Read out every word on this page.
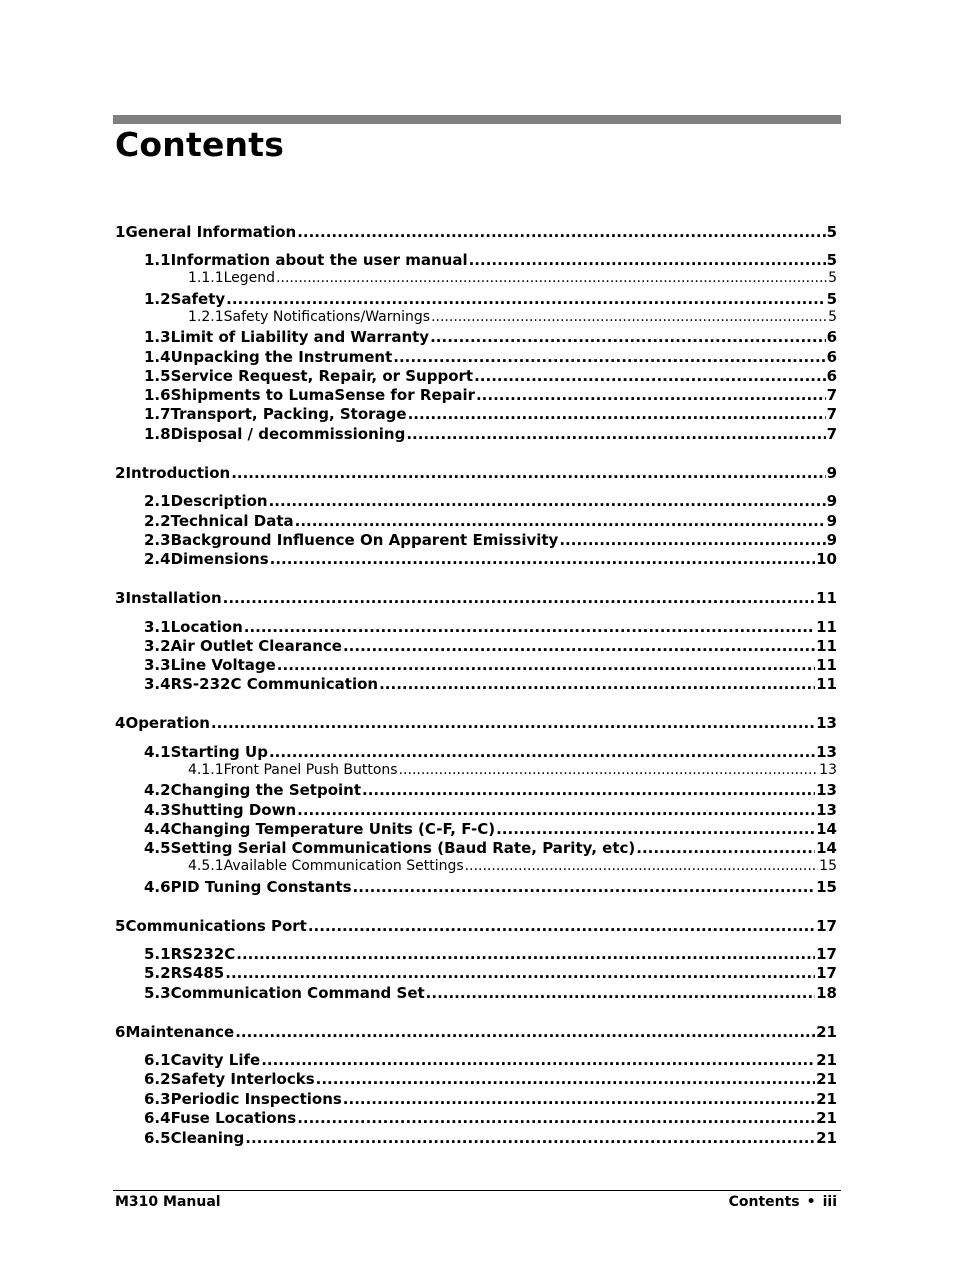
Contents
1 General Information .....	5
1.1 Information about the user manual .....	5
1.1.1 Legend .....	5
1.2 Safety .....	5
1.2.1 Safety Notifications/Warnings .....	5
1.3 Limit of Liability and Warranty .....	6
1.4 Unpacking the Instrument .....	6
1.5 Service Request, Repair, or Support .....	6
1.6 Shipments to LumaSense for Repair .....	7
1.7 Transport, Packing, Storage .....	7
1.8 Disposal / decommissioning .....	7
2 Introduction .....	9
2.1 Description .....	9
2.2 Technical Data .....	9
2.3 Background Influence On Apparent Emissivity .....	9
2.4 Dimensions .....	10
3 Installation .....	11
3.1 Location .....	11
3.2 Air Outlet Clearance .....	11
3.3 Line Voltage .....	11
3.4 RS-232C Communication .....	11
4 Operation .....	13
4.1 Starting Up .....	13
4.1.1 Front Panel Push Buttons .....	13
4.2 Changing the Setpoint .....	13
4.3 Shutting Down .....	13
4.4 Changing Temperature Units (C-F, F-C) .....	14
4.5 Setting Serial Communications (Baud Rate, Parity, etc) .....	14
4.5.1 Available Communication Settings .....	15
4.6 PID Tuning Constants .....	15
5 Communications Port .....	17
5.1 RS232C .....	17
5.2 RS485 .....	17
5.3 Communication Command Set .....	18
6 Maintenance .....	21
6.1 Cavity Life .....	21
6.2 Safety Interlocks .....	21
6.3 Periodic Inspections .....	21
6.4 Fuse Locations .....	21
6.5 Cleaning .....	21
M310 Manual	Contents • iii
